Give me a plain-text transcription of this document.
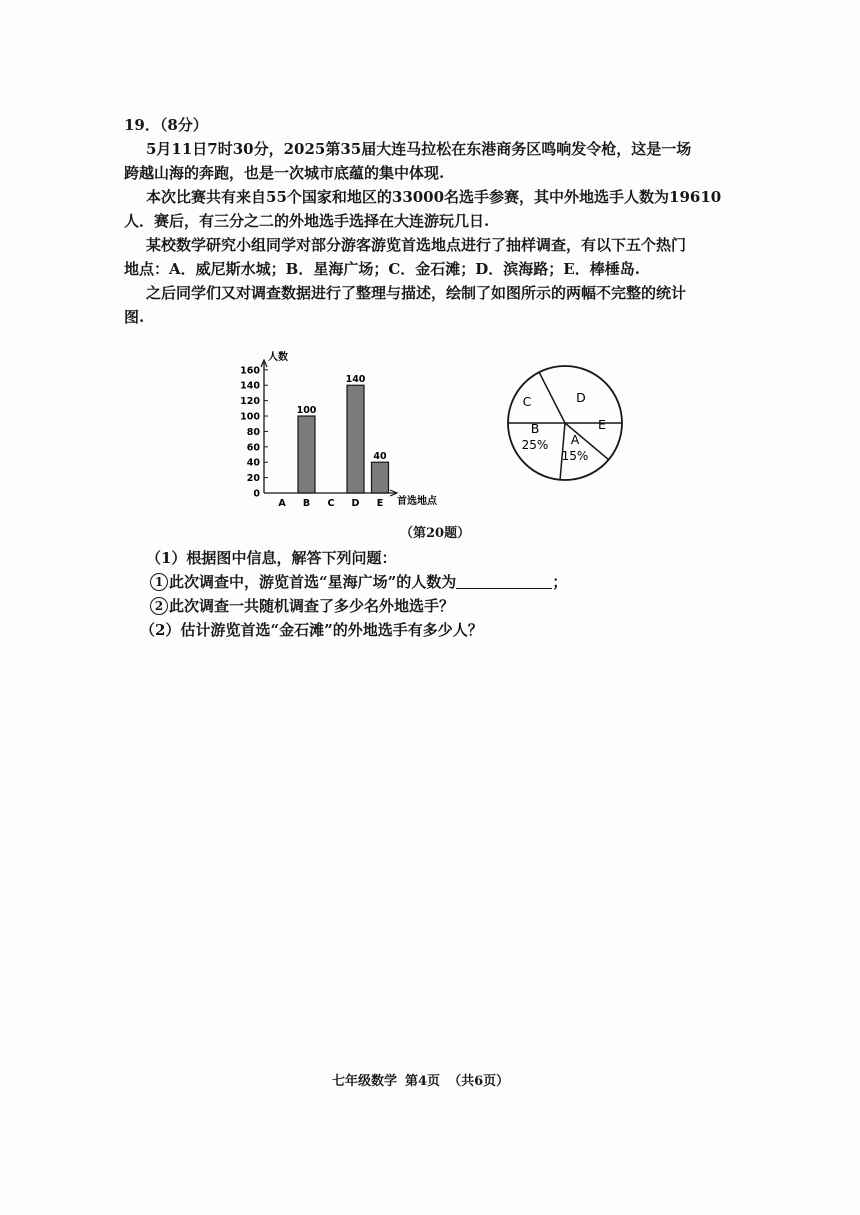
19．（8分）
5月11日7时30分，2025第35届大连马拉松在东港商务区鸣响发令枪，这是一场
跨越山海的奔跑，也是一次城市底蕴的集中体现.
本次比赛共有来自55个国家和地区的33000名选手参赛，其中外地选手人数为19610
人．赛后，有三分之二的外地选手选择在大连游玩几日.
某校数学研究小组同学对部分游客游览首选地点进行了抽样调查，有以下五个热门
地点：A．威尼斯水城；B．星海广场；C．金石滩；D．滨海路；E．棒棰岛.
之后同学们又对调查数据进行了整理与描述，绘制了如图所示的两幅不完整的统计
图.
0
20
40
60
80
100
120
140
160
A B
100
C D
140
E
40
人数
首选地点
A
15%
B
25%
C	D
E
（第20题）
（1）根据图中信息，解答下列问题：
1 此次调查中，游览首选“星海广场”的人数为	；
2 此次调查一共随机调查了多少名外地选手？
（2）估计游览首选“金石滩”的外地选手有多少人？
七年级数学 第4页 （共6页）
